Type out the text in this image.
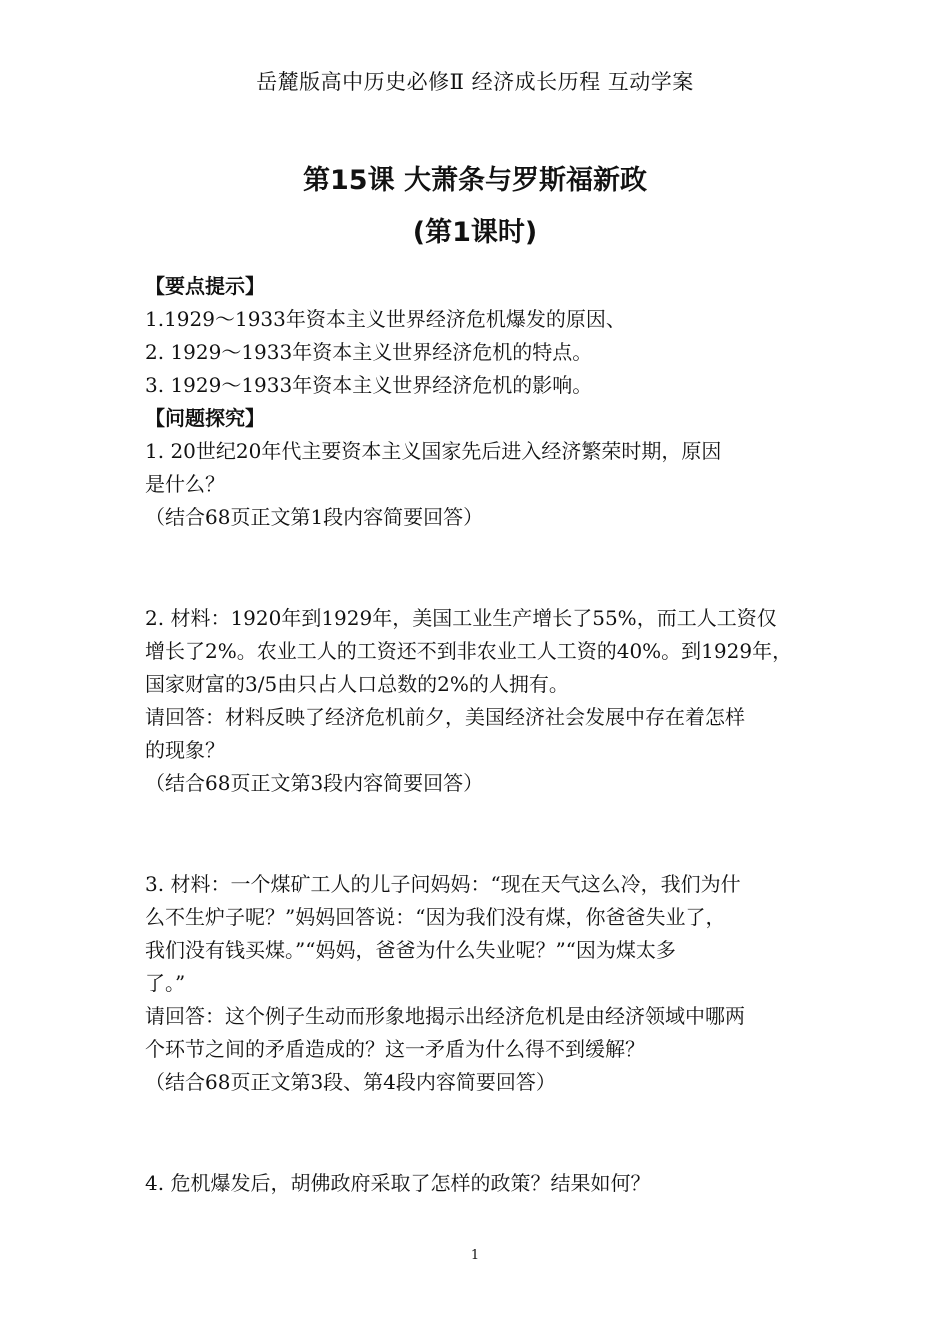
岳麓版高中历史必修Ⅱ 经济成长历程 互动学案
第15课 大萧条与罗斯福新政
(第1课时)
【要点提示】
1.1929～1933年资本主义世界经济危机爆发的原因、
2. 1929～1933年资本主义世界经济危机的特点。
3. 1929～1933年资本主义世界经济危机的影响。
【问题探究】
1. 20世纪20年代主要资本主义国家先后进入经济繁荣时期，原因
是什么？
（结合68页正文第1段内容简要回答）
2. 材料：1920年到1929年，美国工业生产增长了55%，而工人工资仅
增长了2%。农业工人的工资还不到非农业工人工资的40%。到1929年，
国家财富的3/5由只占人口总数的2%的人拥有。
请回答：材料反映了经济危机前夕，美国经济社会发展中存在着怎样
的现象？
（结合68页正文第3段内容简要回答）
3. 材料：一个煤矿工人的儿子问妈妈：“现在天气这么冷，我们为什
么不生炉子呢？”妈妈回答说：“因为我们没有煤，你爸爸失业了，
我们没有钱买煤。”“妈妈，爸爸为什么失业呢？”“因为煤太多
了。”
请回答：这个例子生动而形象地揭示出经济危机是由经济领域中哪两
个环节之间的矛盾造成的？这一矛盾为什么得不到缓解？
（结合68页正文第3段、第4段内容简要回答）
4. 危机爆发后，胡佛政府采取了怎样的政策？结果如何？
1
